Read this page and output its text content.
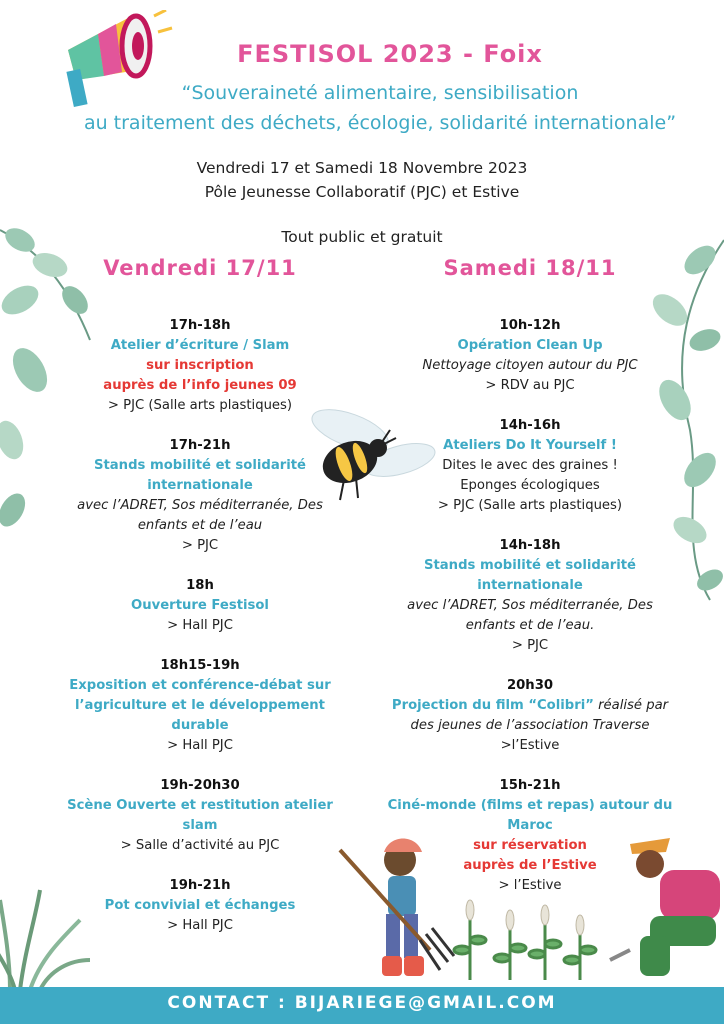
FESTISOL 2023 - Foix
“Souveraineté alimentaire, sensibilisation
au traitement des déchets, écologie, solidarité internationale”
Vendredi 17 et Samedi 18 Novembre 2023
Pôle Jeunesse Collaboratif (PJC) et Estive
Tout public et gratuit
Vendredi 17/11	Samedi 18/11
17h-18h
Atelier d’écriture / Slam
sur inscription
auprès de l’info jeunes 09
> PJC (Salle arts plastiques)
17h-21h
Stands mobilité et solidarité
internationale
avec l’ADRET, Sos méditerranée, Des
enfants et de l’eau
> PJC
18h
Ouverture Festisol
> Hall PJC
18h15-19h
Exposition et conférence-débat sur
l’agriculture et le développement
durable
> Hall PJC
19h-20h30
Scène Ouverte et restitution atelier slam
> Salle d’activité au PJC
19h-21h
Pot convivial et échanges
> Hall PJC
10h-12h
Opération Clean Up
Nettoyage citoyen autour du PJC
> RDV au PJC
14h-16h
Ateliers Do It Yourself !
Dites le avec des graines !
Eponges écologiques
> PJC (Salle arts plastiques)
14h-18h
Stands mobilité et solidarité
internationale
avec l’ADRET, Sos méditerranée, Des
enfants et de l’eau.
> PJC
20h30
Projection du film “Colibri” réalisé par
des jeunes de l’association Traverse
>l’Estive
15h-21h
Ciné-monde (films et repas) autour du
Maroc
sur réservation
auprès de l’Estive
> l’Estive
CONTACT : BIJARIEGE@GMAIL.COM
